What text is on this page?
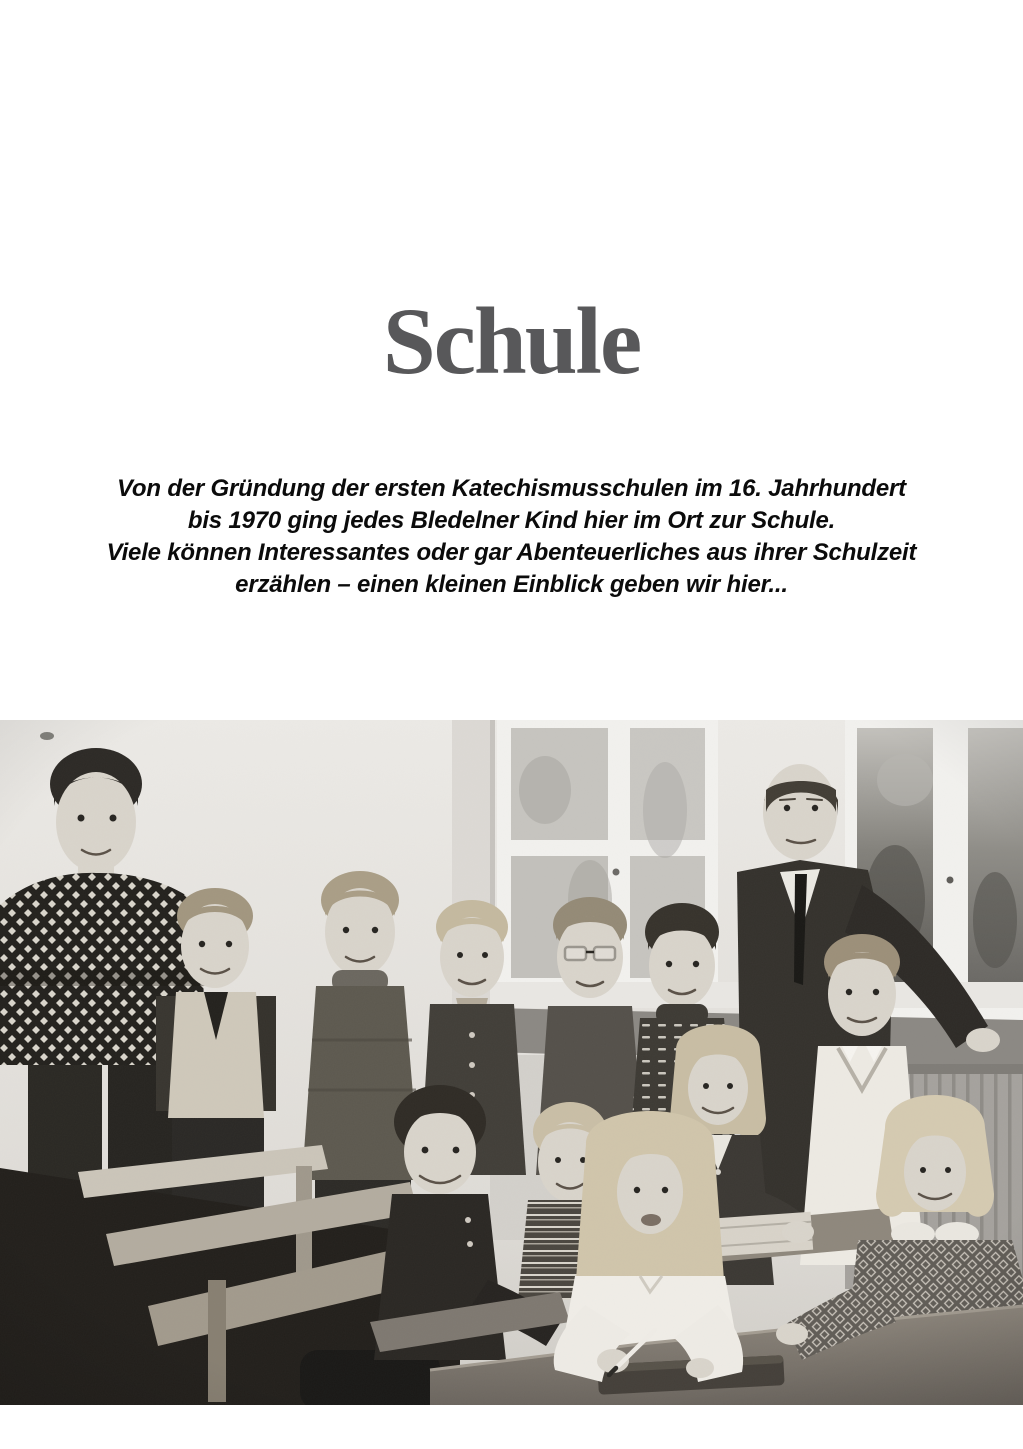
Schule
Von der Gründung der ersten Katechismusschulen im 16. Jahrhundert
bis 1970 ging jedes Bledelner Kind hier im Ort zur Schule.
Viele können Interessantes oder gar Abenteuerliches aus ihrer Schulzeit
erzählen – einen kleinen Einblick geben wir hier...
